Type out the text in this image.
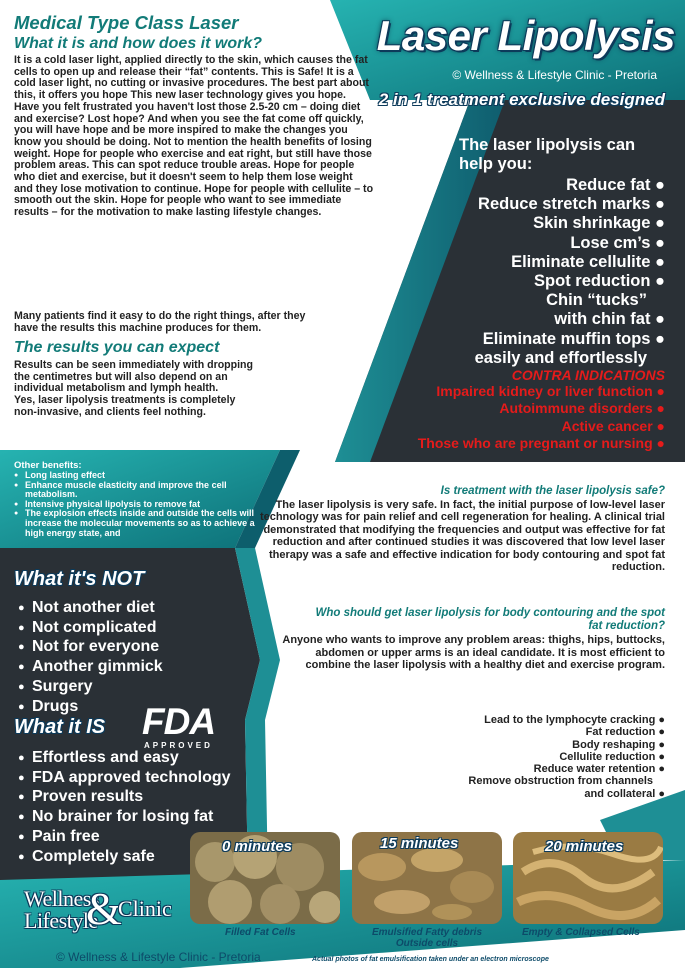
Medical Type Class Laser
What it is and how does it work?
It is a cold laser light, applied directly to the skin, which causes the fat cells to open up and release their “fat” contents. This is Safe! It is a cold laser light, no cutting or invasive procedures. The best part about this, it offers you hope This new laser technology gives you hope. Have you felt frustrated you haven't lost those 2.5-20 cm – doing diet and exercise? Lost hope? And when you see the fat come off quickly, you will have hope and be more inspired to make the changes you know you should be doing. Not to mention the health benefits of losing weight. Hope for people who exercise and eat right, but still have those problem areas. This can spot reduce trouble areas. Hope for people who diet and exercise, but it doesn't seem to help them lose weight and they lose motivation to continue. Hope for people with cellulite – to smooth out the skin. Hope for people who want to see immediate results – for the motivation to make lasting lifestyle changes.
Many patients find it easy to do the right things, after they have the results this machine produces for them.
The results you can expect
Results can be seen immediately with dropping the centimetres but will also depend on an individual metabolism and lymph health.
Yes, laser lipolysis treatments is completely non-invasive, and clients feel nothing.
Other benefits:
● Long lasting effect
● Enhance muscle elasticity and improve the cell metabolism.
● Intensive physical lipolysis to remove fat
● The explosion effects inside and outside the cells will increase the molecular movements so as to achieve a high energy state, and
Laser Lipolysis
© Wellness & Lifestyle Clinic - Pretoria
2 in 1 treatment exclusive designed
The laser lipolysis can help you:
Reduce fat ●
Reduce stretch marks ●
Skin shrinkage ●
Lose cm’s ●
Eliminate cellulite ●
Spot reduction ●
Chin “tucks”
with chin fat ●
Eliminate muffin tops ●
easily and effortlessly
CONTRA INDICATIONS
Impaired kidney or liver function ●
Autoimmune disorders ●
Active cancer ●
Those who are pregnant or nursing ●
Is treatment with the laser lipolysis safe?
The laser lipolysis is very safe. In fact, the initial purpose of low-level laser technology was for pain relief and cell regeneration for healing. A clinical trial demonstrated that modifying the frequencies and output was effective for fat reduction and after continued studies it was discovered that low level laser therapy was a safe and effective indication for body contouring and spot fat reduction.
Who should get laser lipolysis for body contouring and the spot fat reduction?
Anyone who wants to improve any problem areas: thighs, hips, buttocks, abdomen or upper arms is an ideal candidate. It is most efficient to combine the laser lipolysis with a healthy diet and exercise program.
Lead to the lymphocyte cracking ●
Fat reduction ●
Body reshaping ●
Cellulite reduction ●
Reduce water retention ●
Remove obstruction from channels
and collateral ●
What it's NOT
● Not another diet
● Not complicated
● Not for everyone
● Another gimmick
● Surgery
● Drugs	FDA
APPROVED
What it IS
● Effortless and easy
● FDA approved technology
● Proven results
● No brainer for losing fat
● Pain free
● Completely safe
0 minutes	15 minutes	20 minutes
Filled Fat Cells	Emulsified Fatty debris Outside cells
Empty & Collapsed Cells
Actual photos of fat emulsification taken under an electron microscope
Wellness
Lifestyle
&
Clinic
© Wellness & Lifestyle Clinic - Pretoria
